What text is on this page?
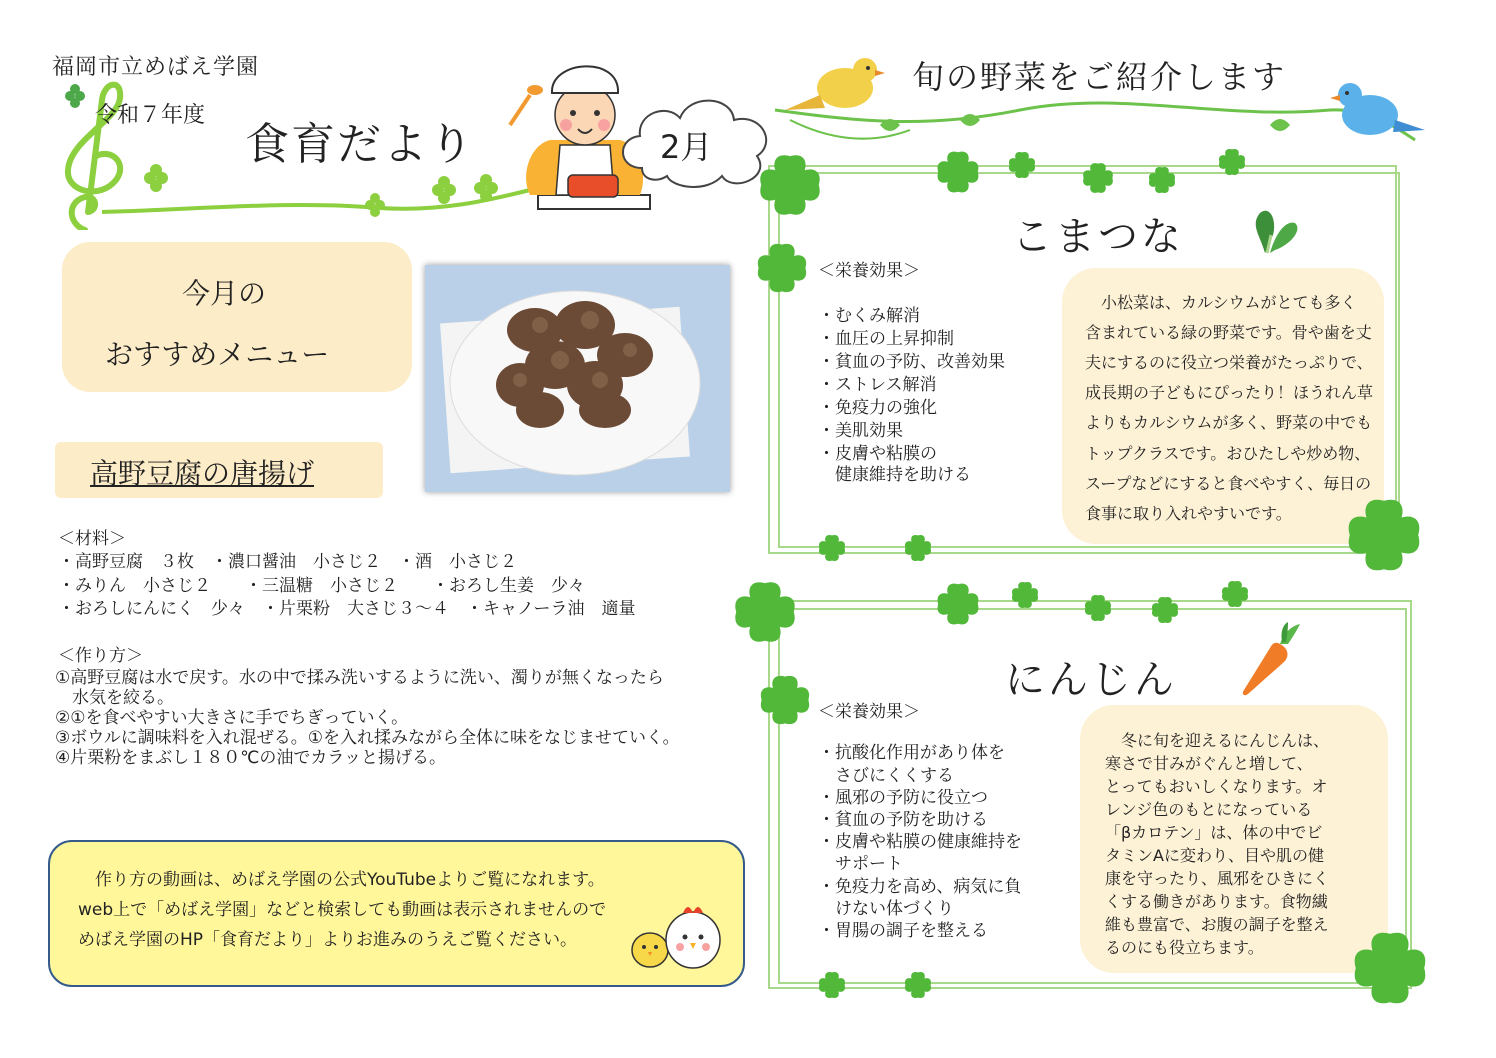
福岡市立めばえ学園
令和７年度
食育だより	2月
旬の野菜をご紹介します
今月の
おすすめメニュー
高野豆腐の唐揚げ
＜材料＞
・高野豆腐　３枚　・濃口醤油　小さじ２　・酒　小さじ２
・みりん　小さじ２　　・三温糖　小さじ２　　・おろし生姜　少々
・おろしにんにく　少々　・片栗粉　大さじ３～４　・キャノーラ油　適量
＜作り方＞
①高野豆腐は水で戻す。水の中で揉み洗いするように洗い、濁りが無くなったら
　水気を絞る。
②①を食べやすい大きさに手でちぎっていく。
③ボウルに調味料を入れ混ぜる。①を入れ揉みながら全体に味をなじませていく。
④片栗粉をまぶし１８０℃の油でカラッと揚げる。
　作り方の動画は、めばえ学園の公式YouTubeよりご覧になれます。
web上で「めばえ学園」などと検索しても動画は表示されませんので
めばえ学園のHP「食育だより」よりお進みのうえご覧ください。
こまつな
＜栄養効果＞
・むくみ解消
・血圧の上昇抑制
・貧血の予防、改善効果
・ストレス解消
・免疫力の強化
・美肌効果
・皮膚や粘膜の
　健康維持を助ける
　小松菜は、カルシウムがとても多く
含まれている緑の野菜です。骨や歯を丈
夫にするのに役立つ栄養がたっぷりで、
成長期の子どもにぴったり！ほうれん草
よりもカルシウムが多く、野菜の中でも
トップクラスです。おひたしや炒め物、
スープなどにすると食べやすく、毎日の
食事に取り入れやすいです。
にんじん
＜栄養効果＞
・抗酸化作用があり体を
　さびにくくする
・風邪の予防に役立つ
・貧血の予防を助ける
・皮膚や粘膜の健康維持を
　サポート
・免疫力を高め、病気に負
　けない体づくり
・胃腸の調子を整える
　冬に旬を迎えるにんじんは、
寒さで甘みがぐんと増して、
とってもおいしくなります。オ
レンジ色のもとになっている
「βカロテン」は、体の中でビ
タミンAに変わり、目や肌の健
康を守ったり、風邪をひきにく
くする働きがあります。食物繊
維も豊富で、お腹の調子を整え
るのにも役立ちます。
